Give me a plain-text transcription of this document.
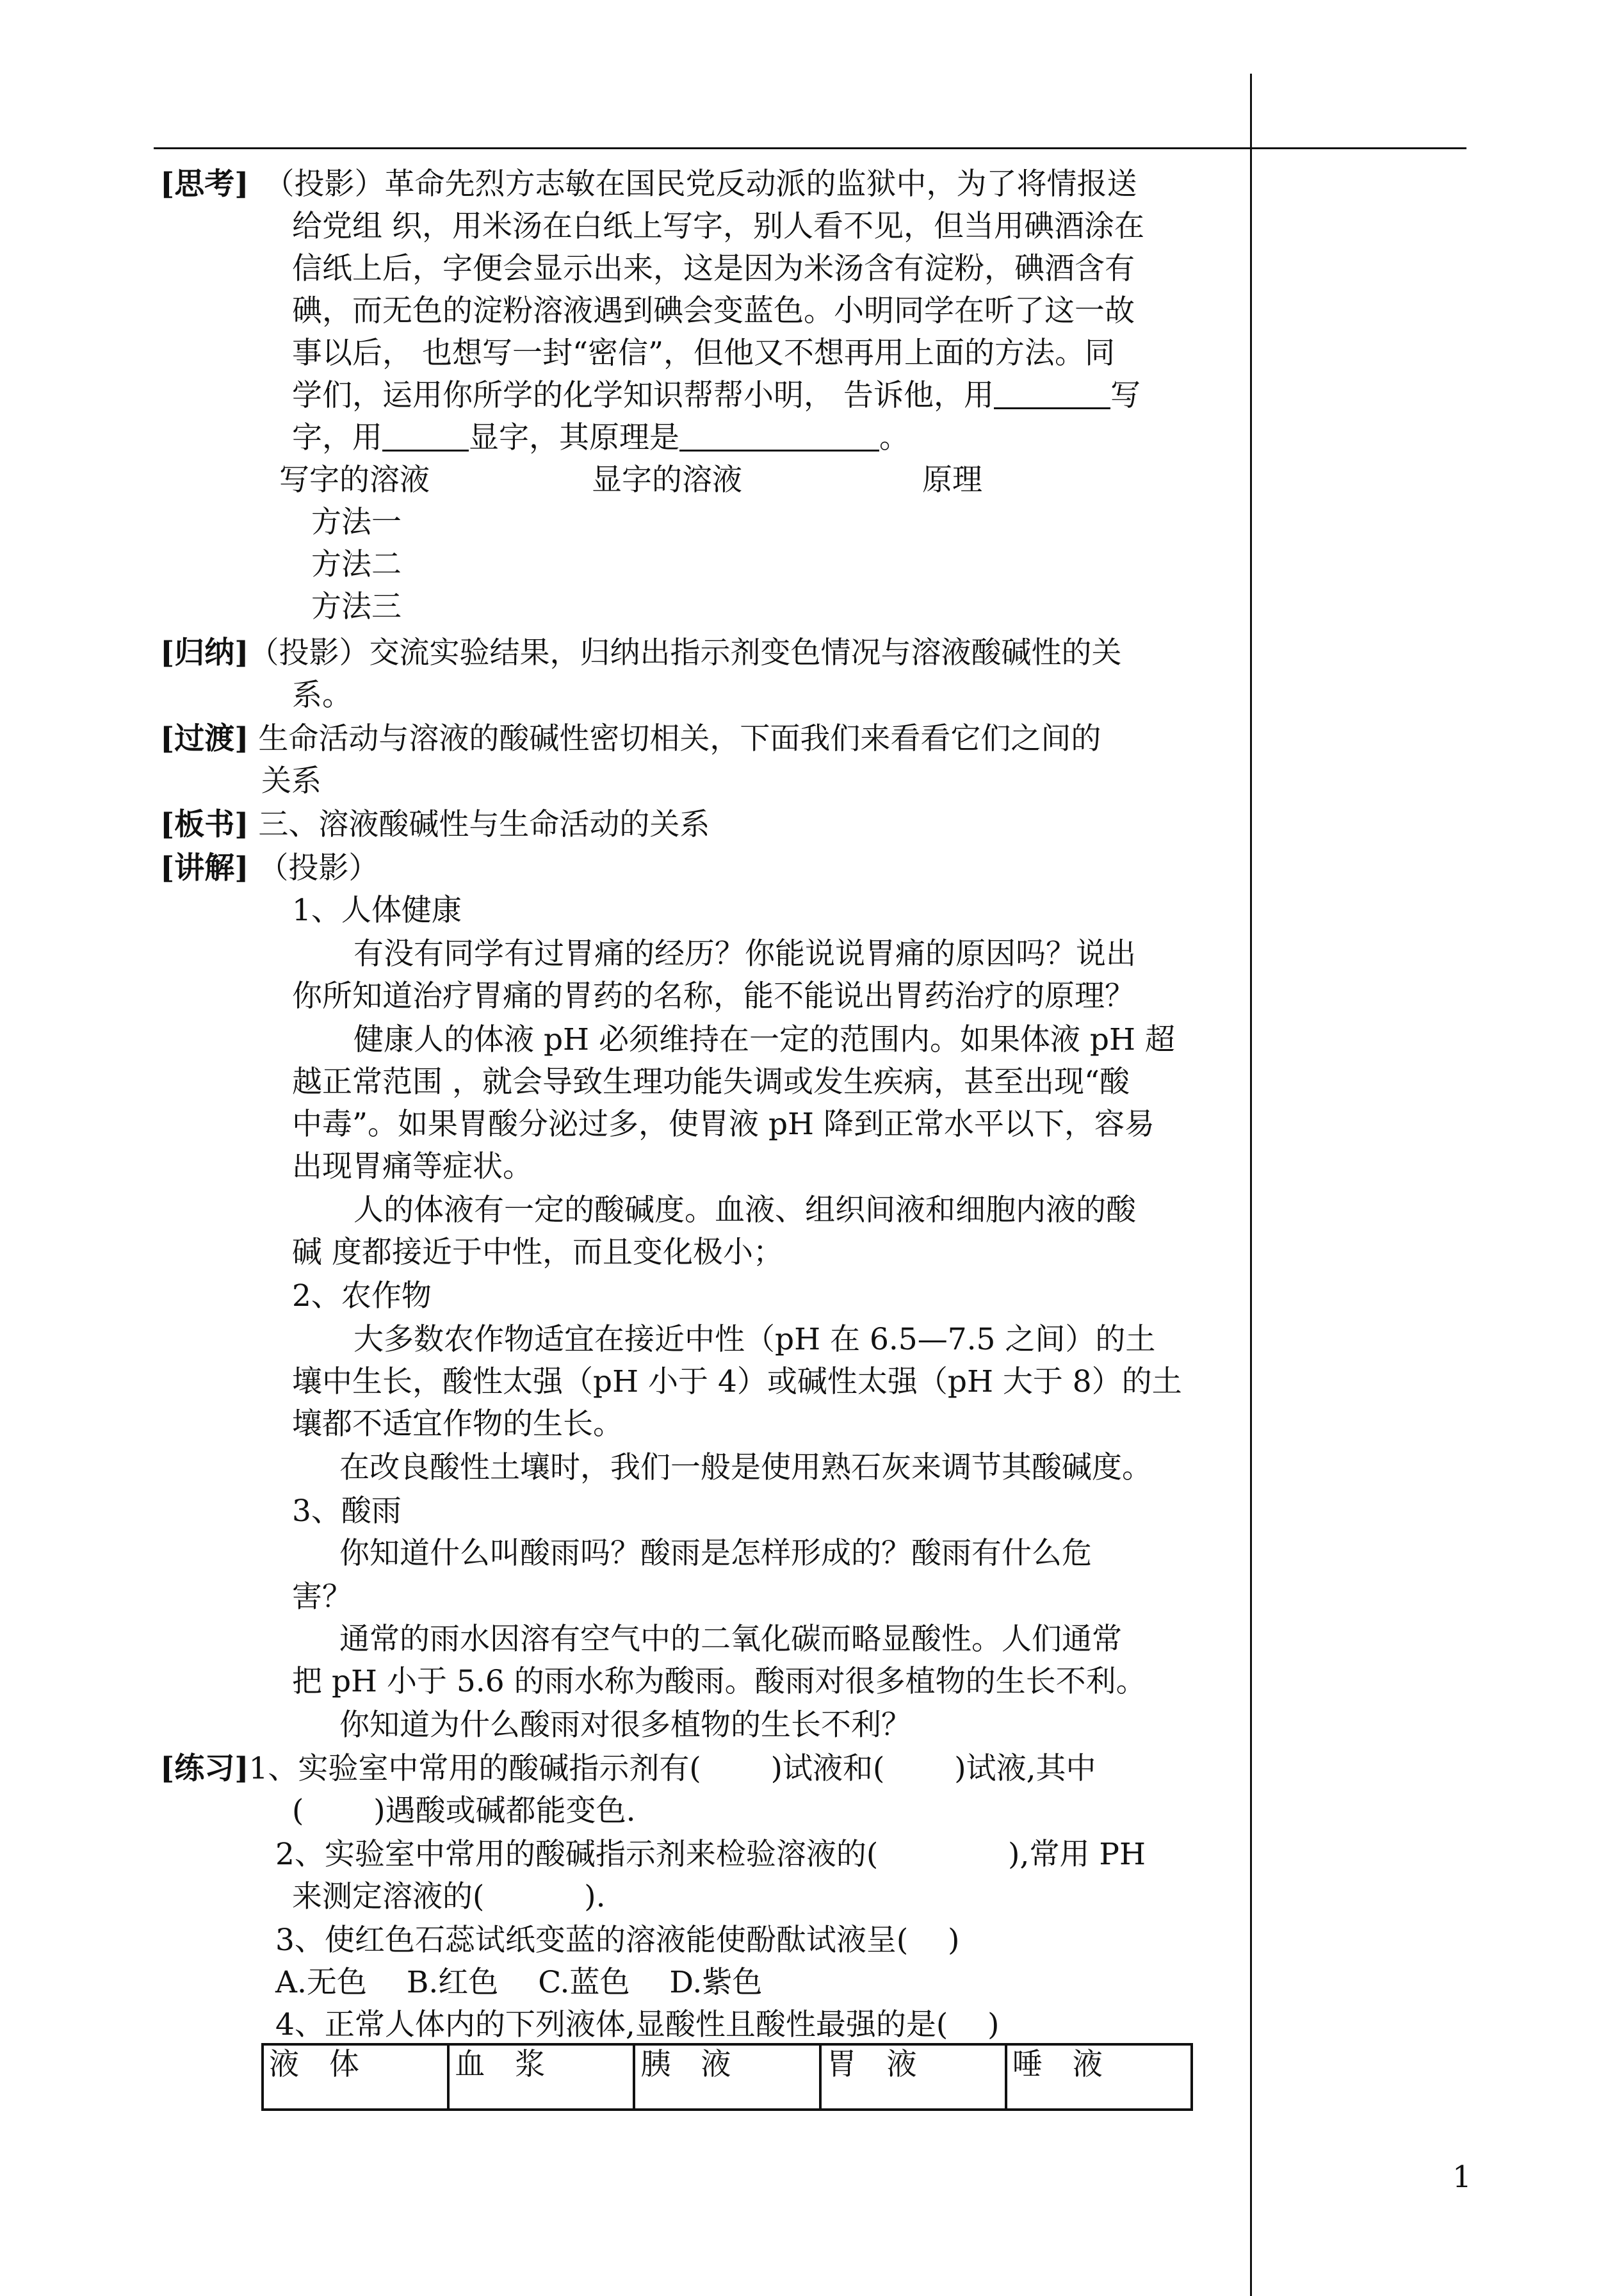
[思考] （投影）革命先烈方志敏在国民党反动派的监狱中，为了将情报送
给党组 织，用米汤在白纸上写字，别人看不见，但当用碘酒涂在
信纸上后，字便会显示出来，这是因为米汤含有淀粉，碘酒含有
碘，而无色的淀粉溶液遇到碘会变蓝色。小明同学在听了这一故
事以后， 也想写一封“密信”，但他又不想再用上面的方法。同
学们，运用你所学的化学知识帮帮小明， 告诉他，用	写
字，用	显字，其原理是	。
写字的溶液	显字的溶液	原理
方法一
方法二
方法三
[归纳]（投影）交流实验结果，归纳出指示剂变色情况与溶液酸碱性的关
系。
[过渡] 生命活动与溶液的酸碱性密切相关，下面我们来看看它们之间的
关系
[板书] 三、溶液酸碱性与生命活动的关系
[讲解] （投影）
1、人体健康
有没有同学有过胃痛的经历？你能说说胃痛的原因吗？说出
你所知道治疗胃痛的胃药的名称，能不能说出胃药治疗的原理？
健康人的体液 pH 必须维持在一定的范围内。如果体液 pH 超
越正常范围 ，就会导致生理功能失调或发生疾病，甚至出现“酸
中毒”。如果胃酸分泌过多，使胃液 pH 降到正常水平以下，容易
出现胃痛等症状。
人的体液有一定的酸碱度。血液、组织间液和细胞内液的酸
碱 度都接近于中性，而且变化极小；
2、农作物
大多数农作物适宜在接近中性（pH 在 6.5—7.5 之间）的土
壤中生长，酸性太强（pH 小于 4）或碱性太强（pH 大于 8）的土
壤都不适宜作物的生长。
在改良酸性土壤时，我们一般是使用熟石灰来调节其酸碱度。
3、酸雨
你知道什么叫酸雨吗？酸雨是怎样形成的？酸雨有什么危
害？
通常的雨水因溶有空气中的二氧化碳而略显酸性。人们通常
把 pH 小于 5.6 的雨水称为酸雨。酸雨对很多植物的生长不利。
你知道为什么酸雨对很多植物的生长不利？
[练习]1、实验室中常用的酸碱指示剂有(　　 )试液和(　　 )试液,其中
(　　 )遇酸或碱都能变色.
2、实验室中常用的酸碱指示剂来检验溶液的(　　　　 ),常用 PH
来测定溶液的(　　　 ).
3、使红色石蕊试纸变蓝的溶液能使酚酞试液呈(　 )
A.无色　 B.红色　 C.蓝色　 D.紫色
4、正常人体内的下列液体,显酸性且酸性最强的是(　 )
液　体	血　浆	胰　液	胃　液	唾　液
1
